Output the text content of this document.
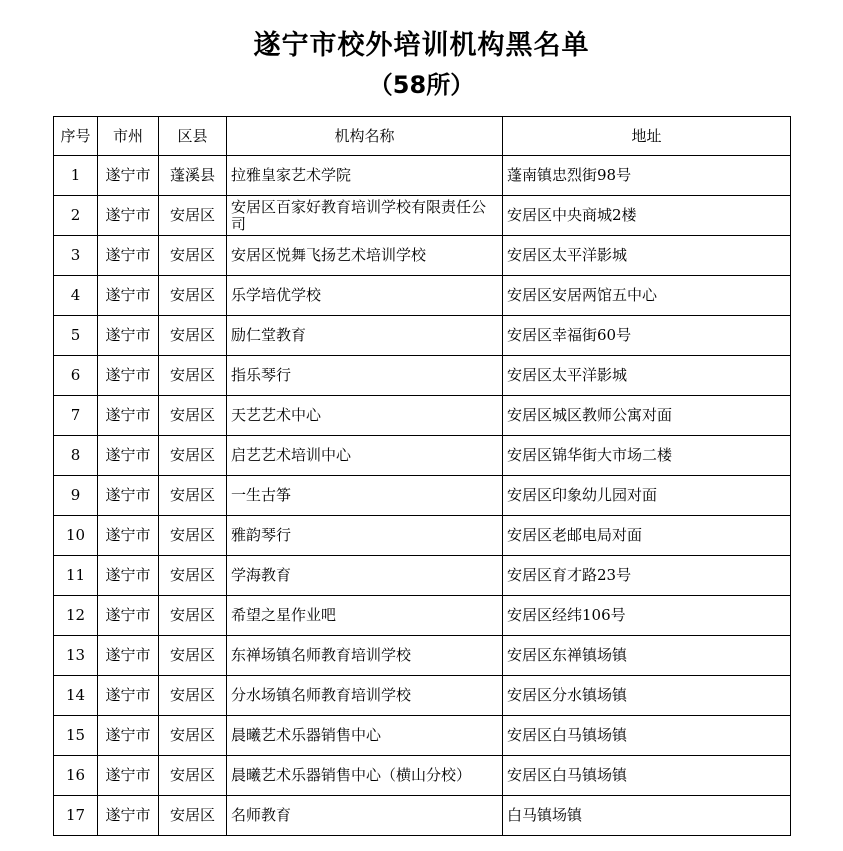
遂宁市校外培训机构黑名单
（58所）
序号	市州	区县	机构名称	地址
1	遂宁市	蓬溪县	拉雅皇家艺术学院	蓬南镇忠烈街98号
2	遂宁市	安居区	安居区百家好教育培训学校有限责任公司	安居区中央商城2楼
3	遂宁市	安居区	安居区悦舞飞扬艺术培训学校	安居区太平洋影城
4	遂宁市	安居区	乐学培优学校	安居区安居两馆五中心
5	遂宁市	安居区	励仁堂教育	安居区幸福街60号
6	遂宁市	安居区	指乐琴行	安居区太平洋影城
7	遂宁市	安居区	天艺艺术中心	安居区城区教师公寓对面
8	遂宁市	安居区	启艺艺术培训中心	安居区锦华街大市场二楼
9	遂宁市	安居区	一生古筝	安居区印象幼儿园对面
10	遂宁市	安居区	雅韵琴行	安居区老邮电局对面
11	遂宁市	安居区	学海教育	安居区育才路23号
12	遂宁市	安居区	希望之星作业吧	安居区经纬106号
13	遂宁市	安居区	东禅场镇名师教育培训学校	安居区东禅镇场镇
14	遂宁市	安居区	分水场镇名师教育培训学校	安居区分水镇场镇
15	遂宁市	安居区	晨曦艺术乐器销售中心	安居区白马镇场镇
16	遂宁市	安居区	晨曦艺术乐器销售中心（横山分校）	安居区白马镇场镇
17	遂宁市	安居区	名师教育	白马镇场镇
